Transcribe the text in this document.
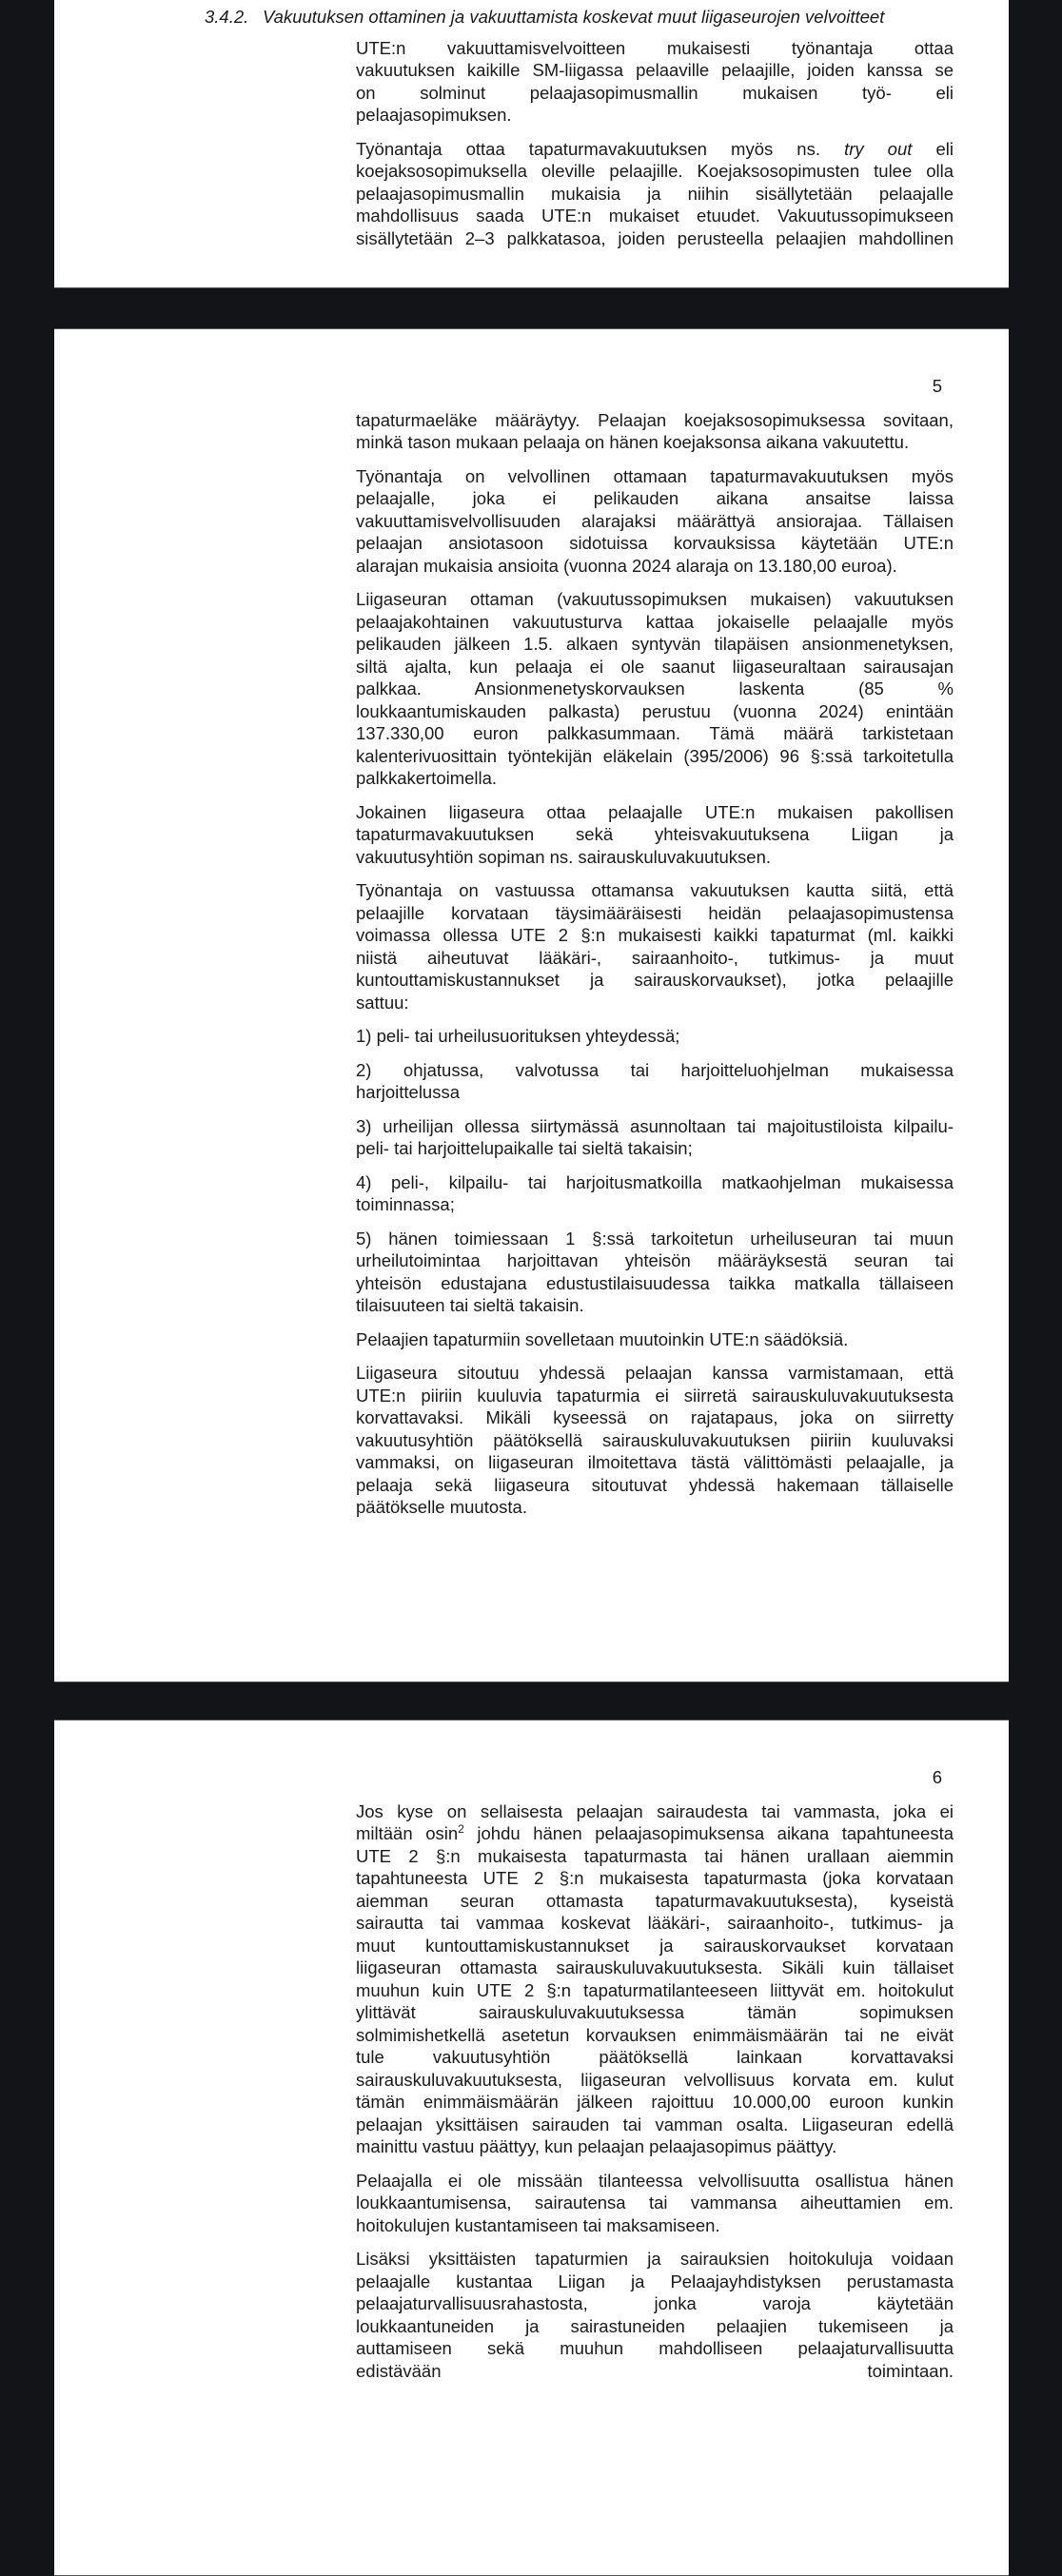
3.4.2. Vakuutuksen ottaminen ja vakuuttamista koskevat muut liigaseurojen velvoitteet
UTE:n vakuuttamisvelvoitteen mukaisesti työnantaja ottaa
vakuutuksen kaikille SM-liigassa pelaaville pelaajille, joiden kanssa se
on solminut pelaajasopimusmallin mukaisen työ- eli
pelaajasopimuksen.
Työnantaja ottaa tapaturmavakuutuksen myös ns. try out eli
koejaksosopimuksella oleville pelaajille. Koejaksosopimusten tulee olla
pelaajasopimusmallin mukaisia ja niihin sisällytetään pelaajalle
mahdollisuus saada UTE:n mukaiset etuudet. Vakuutussopimukseen
sisällytetään 2–3 palkkatasoa, joiden perusteella pelaajien mahdollinen
5
tapaturmaeläke määräytyy. Pelaajan koejaksosopimuksessa sovitaan,
minkä tason mukaan pelaaja on hänen koejaksonsa aikana vakuutettu.
Työnantaja on velvollinen ottamaan tapaturmavakuutuksen myös
pelaajalle, joka ei pelikauden aikana ansaitse laissa
vakuuttamisvelvollisuuden alarajaksi määrättyä ansiorajaa. Tällaisen
pelaajan ansiotasoon sidotuissa korvauksissa käytetään UTE:n
alarajan mukaisia ansioita (vuonna 2024 alaraja on 13.180,00 euroa).
Liigaseuran ottaman (vakuutussopimuksen mukaisen) vakuutuksen
pelaajakohtainen vakuutusturva kattaa jokaiselle pelaajalle myös
pelikauden jälkeen 1.5. alkaen syntyvän tilapäisen ansionmenetyksen,
siltä ajalta, kun pelaaja ei ole saanut liigaseuraltaan sairausajan
palkkaa. Ansionmenetyskorvauksen laskenta (85 %
loukkaantumiskauden palkasta) perustuu (vuonna 2024) enintään
137.330,00 euron palkkasummaan. Tämä määrä tarkistetaan
kalenterivuosittain työntekijän eläkelain (395/2006) 96 §:ssä tarkoitetulla
palkkakertoimella.
Jokainen liigaseura ottaa pelaajalle UTE:n mukaisen pakollisen
tapaturmavakuutuksen sekä yhteisvakuutuksena Liigan ja
vakuutusyhtiön sopiman ns. sairauskuluvakuutuksen.
Työnantaja on vastuussa ottamansa vakuutuksen kautta siitä, että
pelaajille korvataan täysimääräisesti heidän pelaajasopimustensa
voimassa ollessa UTE 2 §:n mukaisesti kaikki tapaturmat (ml. kaikki
niistä aiheutuvat lääkäri-, sairaanhoito-, tutkimus- ja muut
kuntouttamiskustannukset ja sairauskorvaukset), jotka pelaajille
sattuu:
1) peli- tai urheilusuorituksen yhteydessä;
2) ohjatussa, valvotussa tai harjoitteluohjelman mukaisessa
harjoittelussa
3) urheilijan ollessa siirtymässä asunnoltaan tai majoitustiloista kilpailu-
peli- tai harjoittelupaikalle tai sieltä takaisin;
4) peli-, kilpailu- tai harjoitusmatkoilla matkaohjelman mukaisessa
toiminnassa;
5) hänen toimiessaan 1 §:ssä tarkoitetun urheiluseuran tai muun
urheilutoimintaa harjoittavan yhteisön määräyksestä seuran tai
yhteisön edustajana edustustilaisuudessa taikka matkalla tällaiseen
tilaisuuteen tai sieltä takaisin.
Pelaajien tapaturmiin sovelletaan muutoinkin UTE:n säädöksiä.
Liigaseura sitoutuu yhdessä pelaajan kanssa varmistamaan, että
UTE:n piiriin kuuluvia tapaturmia ei siirretä sairauskuluvakuutuksesta
korvattavaksi. Mikäli kyseessä on rajatapaus, joka on siirretty
vakuutusyhtiön päätöksellä sairauskuluvakuutuksen piiriin kuuluvaksi
vammaksi, on liigaseuran ilmoitettava tästä välittömästi pelaajalle, ja
pelaaja sekä liigaseura sitoutuvat yhdessä hakemaan tällaiselle
päätökselle muutosta.
6
Jos kyse on sellaisesta pelaajan sairaudesta tai vammasta, joka ei
miltään osin$^2$ johdu hänen pelaajasopimuksensa aikana tapahtuneesta
UTE 2 §:n mukaisesta tapaturmasta tai hänen urallaan aiemmin
tapahtuneesta UTE 2 §:n mukaisesta tapaturmasta (joka korvataan
aiemman seuran ottamasta tapaturmavakuutuksesta), kyseistä
sairautta tai vammaa koskevat lääkäri-, sairaanhoito-, tutkimus- ja
muut kuntouttamiskustannukset ja sairauskorvaukset korvataan
liigaseuran ottamasta sairauskuluvakuutuksesta. Sikäli kuin tällaiset
muuhun kuin UTE 2 §:n tapaturmatilanteeseen liittyvät em. hoitokulut
ylittävät sairauskuluvakuutuksessa tämän sopimuksen
solmimishetkellä asetetun korvauksen enimmäismäärän tai ne eivät
tule vakuutusyhtiön päätöksellä lainkaan korvattavaksi
sairauskuluvakuutuksesta, liigaseuran velvollisuus korvata em. kulut
tämän enimmäismäärän jälkeen rajoittuu 10.000,00 euroon kunkin
pelaajan yksittäisen sairauden tai vamman osalta. Liigaseuran edellä
mainittu vastuu päättyy, kun pelaajan pelaajasopimus päättyy.
Pelaajalla ei ole missään tilanteessa velvollisuutta osallistua hänen
loukkaantumisensa, sairautensa tai vammansa aiheuttamien em.
hoitokulujen kustantamiseen tai maksamiseen.
Lisäksi yksittäisten tapaturmien ja sairauksien hoitokuluja voidaan
pelaajalle kustantaa Liigan ja Pelaajayhdistyksen perustamasta
pelaajaturvallisuusrahastosta, jonka varoja käytetään
loukkaantuneiden ja sairastuneiden pelaajien tukemiseen ja
auttamiseen sekä muuhun mahdolliseen pelaajaturvallisuutta
edistävään toimintaan.
